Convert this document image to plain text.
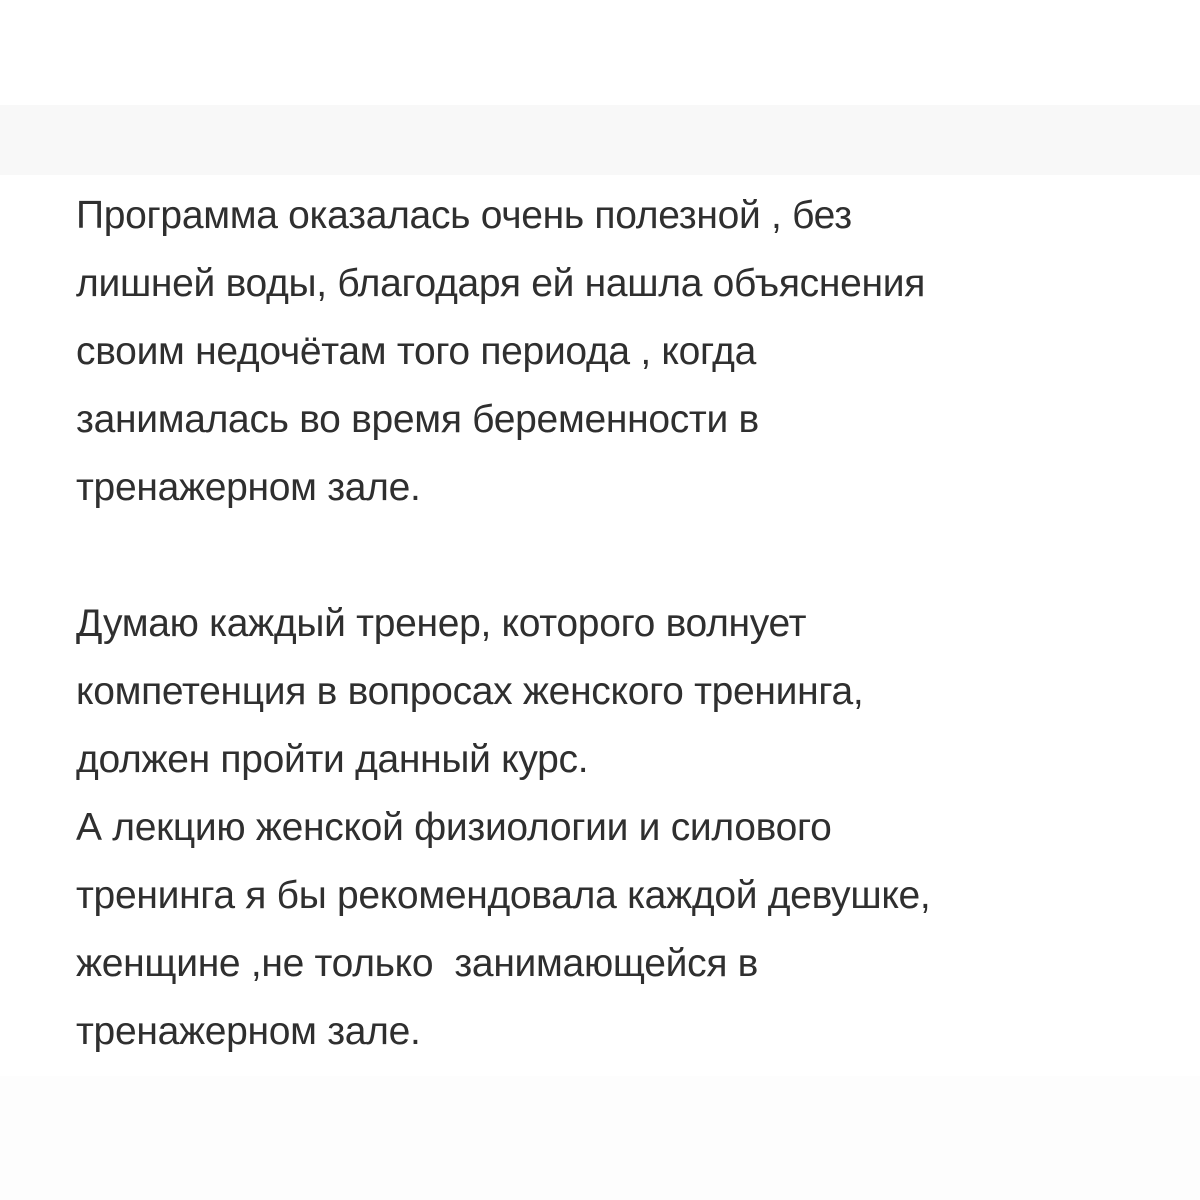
Программа оказалась очень полезной , без
лишней воды, благодаря ей нашла объяснения
своим недочётам того периода , когда
занималась во время беременности в
тренажерном зале.
Думаю каждый тренер, которого волнует
компетенция в вопросах женского тренинга,
должен пройти данный курс.
А лекцию женской физиологии и силового
тренинга я бы рекомендовала каждой девушке,
женщине ,не только  занимающейся в
тренажерном зале.
